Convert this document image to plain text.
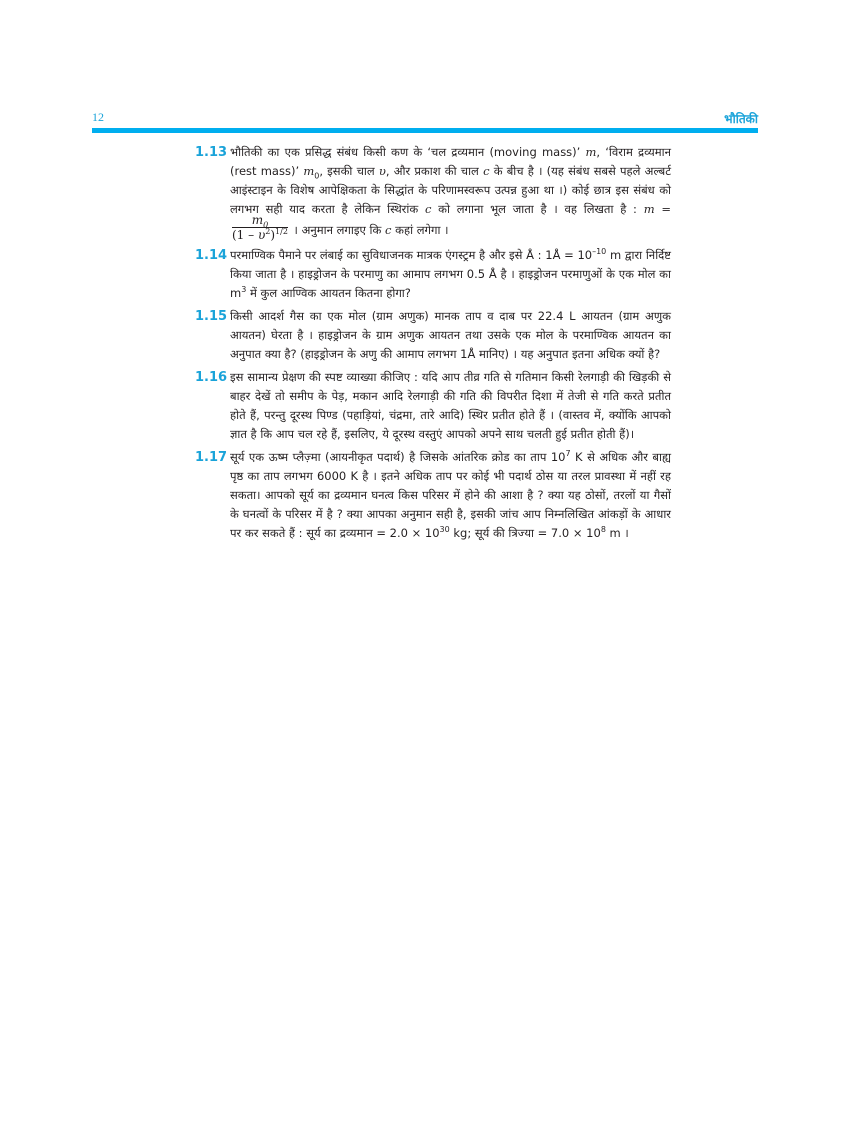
12	भौतिकी
1.13 भौतिकी का एक प्रसिद्ध संबंध किसी कण के ‘चल द्रव्यमान (moving mass)’ m, ‘विराम द्रव्यमान (rest mass)’ $m_0$, इसकी चाल υ, और प्रकाश की चाल c के बीच है । (यह संबंध सबसे पहले अल्बर्ट आइंस्टाइन के विशेष आपेक्षिकता के सिद्धांत के परिणामस्वरूप उत्पन्न हुआ था ।) कोई छात्र इस संबंध को लगभग सही याद करता है लेकिन स्थिरांक c को लगाना भूल जाता है । वह लिखता है : m =
$\frac{m_0}{(1 - \upsilon^2)^{1/2}}$ । अनुमान लगाइए कि c कहां लगेगा ।
1.14 परमाण्विक पैमाने पर लंबाई का सुविधाजनक मात्रक एंगस्ट्रम है और इसे Å : 1Å = $10^{-10}$ m द्वारा निर्दिष्ट किया जाता है । हाइड्रोजन के परमाणु का आमाप लगभग 0.5 Å है । हाइड्रोजन परमाणुओं के एक मोल का $m^3$ में कुल आण्विक आयतन कितना होगा?
1.15 किसी आदर्श गैस का एक मोल (ग्राम अणुक) मानक ताप व दाब पर 22.4 L आयतन (ग्राम अणुक आयतन) घेरता है । हाइड्रोजन के ग्राम अणुक आयतन तथा उसके एक मोल के परमाण्विक आयतन का अनुपात क्या है? (हाइड्रोजन के अणु की आमाप लगभग 1Å मानिए) । यह अनुपात इतना अधिक क्यों है?
1.16 इस सामान्य प्रेक्षण की स्पष्ट व्याख्या कीजिए : यदि आप तीव्र गति से गतिमान किसी रेलगाड़ी की खिड़की से बाहर देखें तो समीप के पेड़, मकान आदि रेलगाड़ी की गति की विपरीत दिशा में तेजी से गति करते प्रतीत होते हैं, परन्तु दूरस्थ पिण्ड (पहाड़ियां, चंद्रमा, तारे आदि) स्थिर प्रतीत होते हैं । (वास्तव में, क्योंकि आपको ज्ञात है कि आप चल रहे हैं, इसलिए, ये दूरस्थ वस्तुएं आपको अपने साथ चलती हुई प्रतीत होती हैं)।
1.17 सूर्य एक ऊष्म प्लैज़्मा (आयनीकृत पदार्थ) है जिसके आंतरिक क्रोड का ताप $10^7$ K से अधिक और बाह्य पृष्ठ का ताप लगभग 6000 K है । इतने अधिक ताप पर कोई भी पदार्थ ठोस या तरल प्रावस्था में नहीं रह सकता। आपको सूर्य का द्रव्यमान घनत्व किस परिसर में होने की आशा है ? क्या यह ठोसों, तरलों या गैसों के घनत्वों के परिसर में है ? क्या आपका अनुमान सही है, इसकी जांच आप निम्नलिखित आंकड़ों के आधार पर कर सकते हैं : सूर्य का द्रव्यमान = $2.0 \times 10^{30}$ kg; सूर्य की त्रिज्या = $7.0 \times 10^8$ m ।
